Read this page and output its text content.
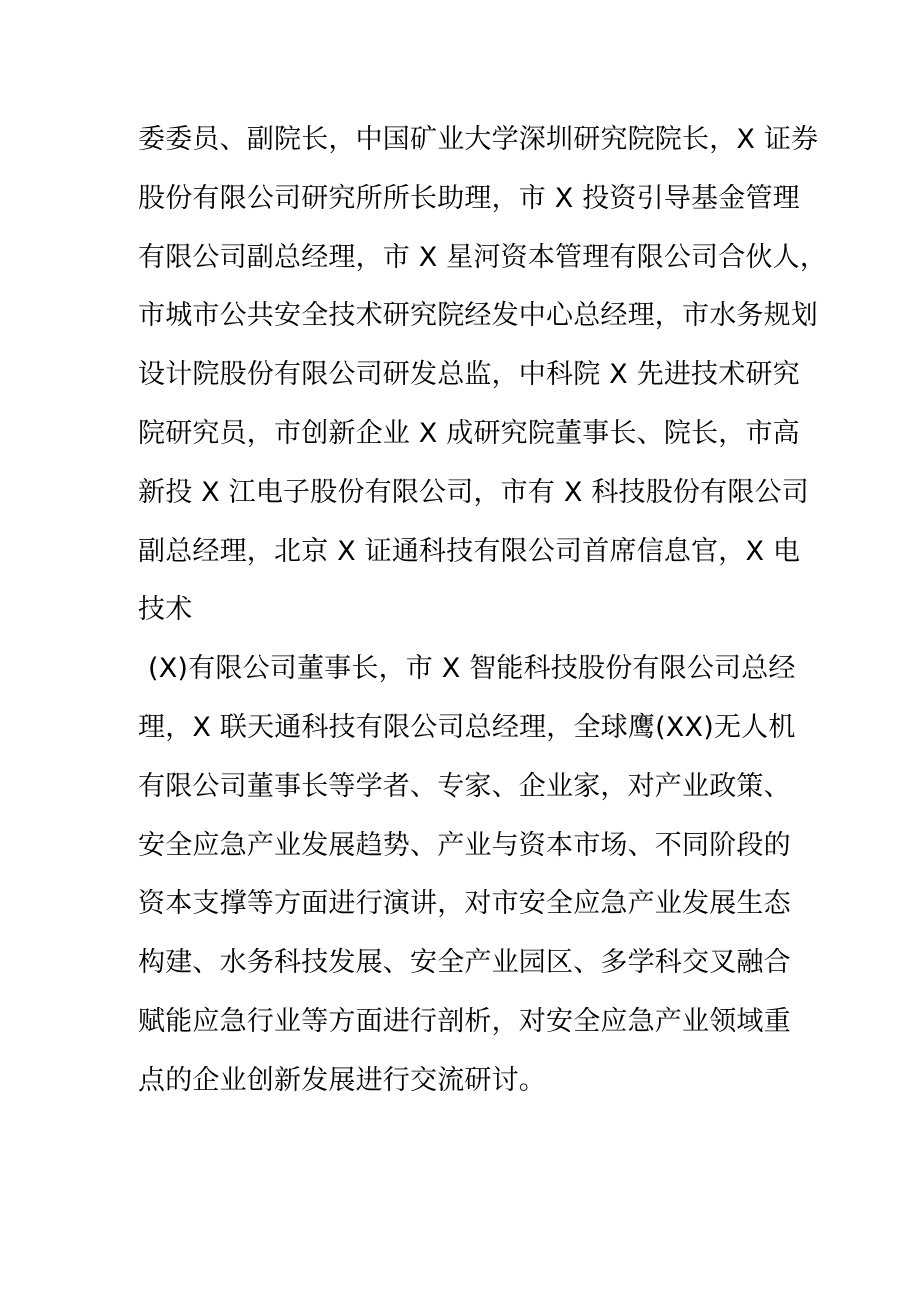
委委员、副院长，中国矿业大学深圳研究院院长，X 证券
股份有限公司研究所所长助理，市 X 投资引导基金管理
有限公司副总经理，市 X 星河资本管理有限公司合伙人，
市城市公共安全技术研究院经发中心总经理，市水务规划
设计院股份有限公司研发总监，中科院 X 先进技术研究
院研究员，市创新企业 X 成研究院董事长、院长，市高
新投 X 江电子股份有限公司，市有 X 科技股份有限公司
副总经理，北京 X 证通科技有限公司首席信息官，X 电
技术
(X)有限公司董事长，市 X 智能科技股份有限公司总经
理，X 联天通科技有限公司总经理，全球鹰(XX)无人机
有限公司董事长等学者、专家、企业家，对产业政策、
安全应急产业发展趋势、产业与资本市场、不同阶段的
资本支撑等方面进行演讲，对市安全应急产业发展生态
构建、水务科技发展、安全产业园区、多学科交叉融合
赋能应急行业等方面进行剖析，对安全应急产业领域重
点的企业创新发展进行交流研讨。
